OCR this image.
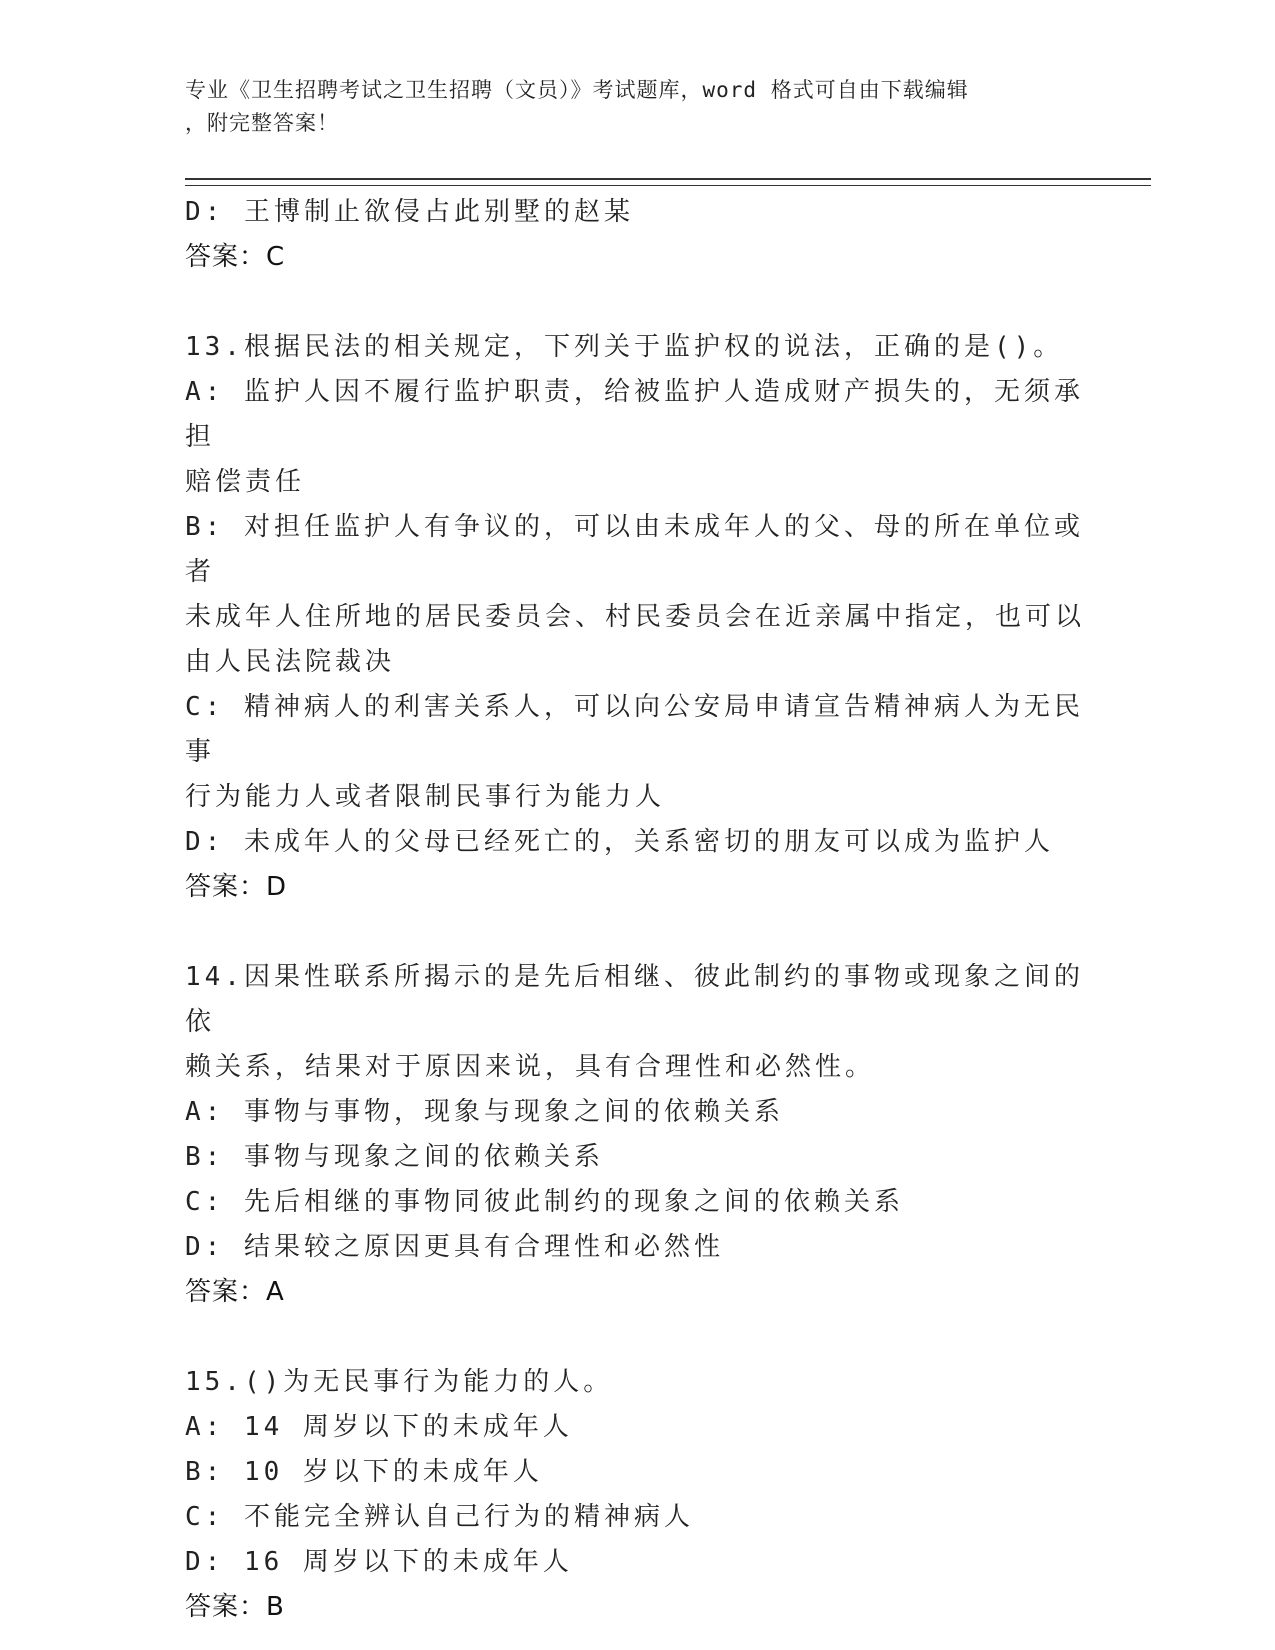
专业《卫生招聘考试之卫生招聘（文员）》考试题库，word 格式可自由下载编辑
，附完整答案！
D: 王博制止欲侵占此别墅的赵某
答案：C
13.根据民法的相关规定，下列关于监护权的说法，正确的是()。
A: 监护人因不履行监护职责，给被监护人造成财产损失的，无须承担
赔偿责任
B: 对担任监护人有争议的，可以由未成年人的父、母的所在单位或者
未成年人住所地的居民委员会、村民委员会在近亲属中指定，也可以
由人民法院裁决
C: 精神病人的利害关系人，可以向公安局申请宣告精神病人为无民事
行为能力人或者限制民事行为能力人
D: 未成年人的父母已经死亡的，关系密切的朋友可以成为监护人
答案：D
14.因果性联系所揭示的是先后相继、彼此制约的事物或现象之间的依
赖关系，结果对于原因来说，具有合理性和必然性。
A: 事物与事物，现象与现象之间的依赖关系
B: 事物与现象之间的依赖关系
C: 先后相继的事物同彼此制约的现象之间的依赖关系
D: 结果较之原因更具有合理性和必然性
答案：A
15.()为无民事行为能力的人。
A: 14 周岁以下的未成年人
B: 10 岁以下的未成年人
C: 不能完全辨认自己行为的精神病人
D: 16 周岁以下的未成年人
答案：B
